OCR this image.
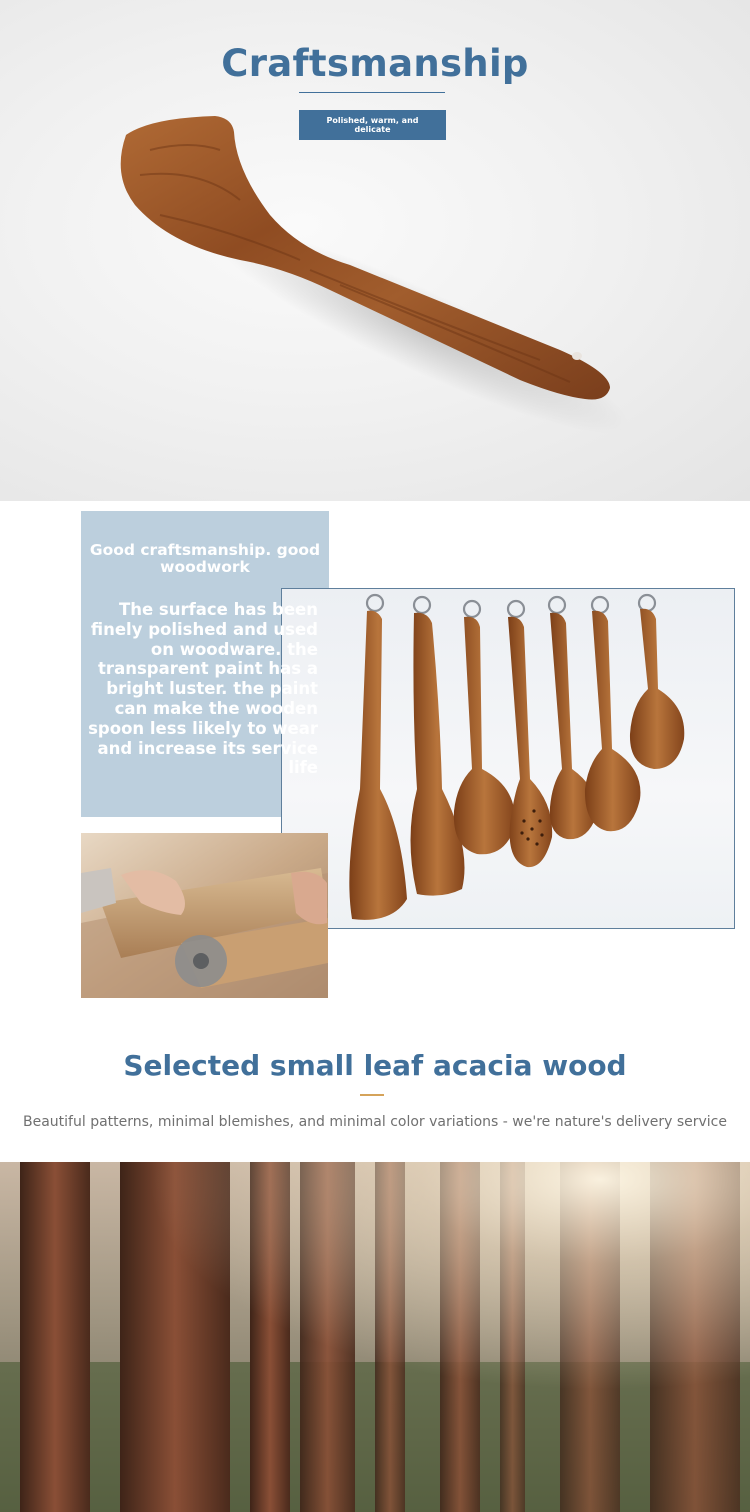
Craftsmanship
Polished, warm, and delicate
Good craftsmanship. good woodwork
The surface has been finely polished and used on woodware. the transparent paint has a bright luster. the paint can make the wooden spoon less likely to wear and increase its service life
Selected small leaf acacia wood
Beautiful patterns, minimal blemishes, and minimal color variations - we're nature's delivery service
